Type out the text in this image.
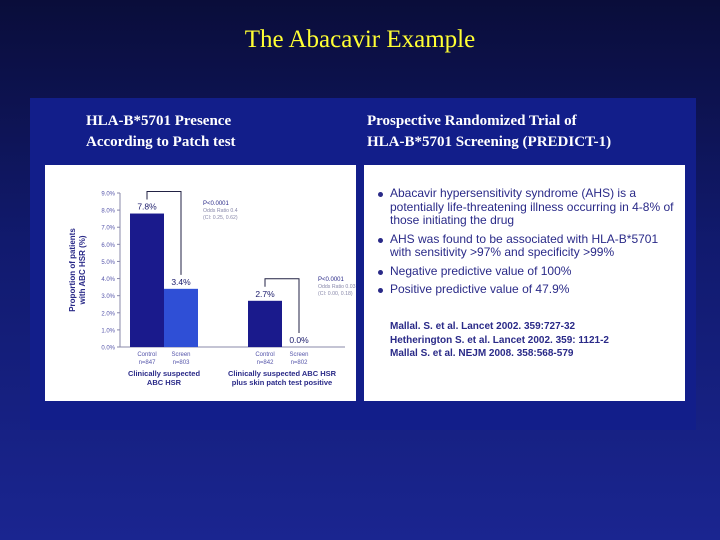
The Abacavir Example
HLA-B*5701 Presence
According to Patch test
Prospective Randomized Trial of
HLA-B*5701 Screening (PREDICT-1)
0.0%
1.0%
2.0%
3.0%
4.0%
5.0%
6.0%
7.0%
8.0%
9.0%
Proportion of patientswith ABC HSR (%)
7.8%
Control
n=847
3.4%
Screen
n=803
P<0.0001
Odds Ratio 0.4
(CI: 0.25, 0.62)
Clinically suspected
ABC HSR
2.7%
Control
n=842
0.0%
Screen
n=802
P<0.0001
Odds Ratio 0.03
(CI: 0.00, 0.18)
Clinically suspected ABC HSR
plus skin patch test positive
Abacavir hypersensitivity syndrome (AHS) is a potentially life-threatening illness occurring in 4-8% of those initiating the drug
AHS was found to be associated with HLA-B*5701 with sensitivity >97% and specificity >99%
Negative predictive value of 100%
Positive predictive value of 47.9%
Mallal. S. et al. Lancet 2002. 359:727-32
Hetherington S. et al. Lancet 2002. 359: 1121-2
Mallal S. et al. NEJM 2008. 358:568-579
